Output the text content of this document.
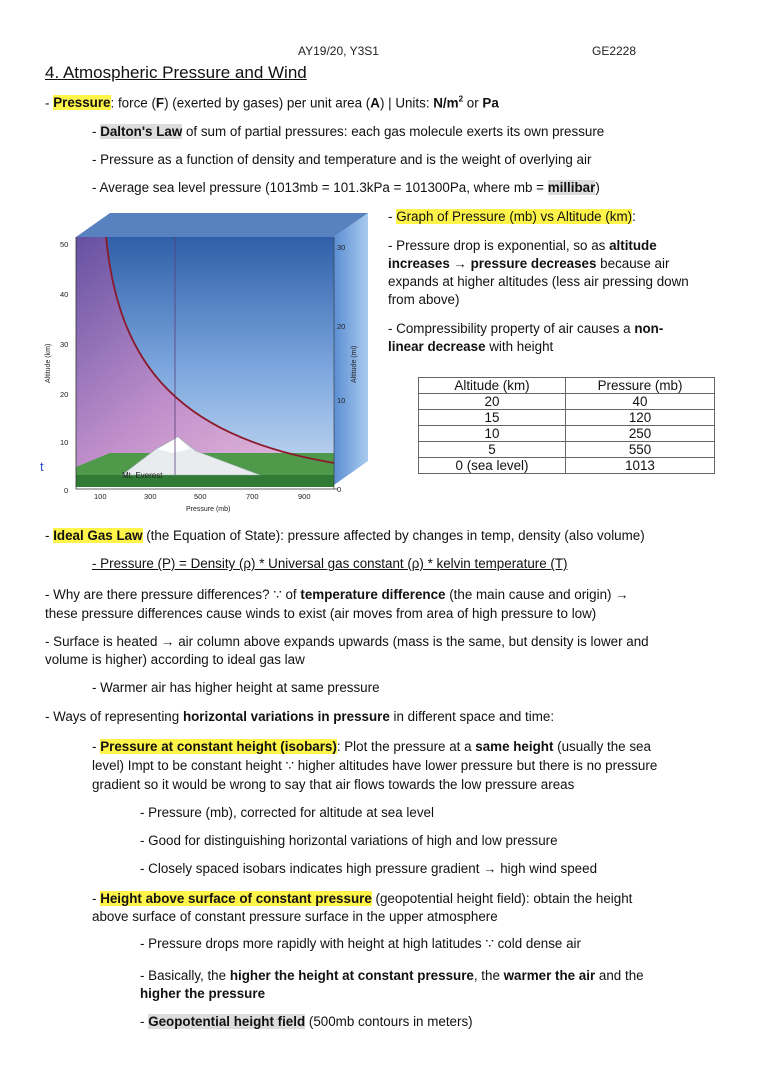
AY19/20, Y3S1	GE2228
4. Atmospheric Pressure and Wind
- Pressure: force (F) (exerted by gases) per unit area (A) | Units: $N/m^2$ or Pa
- Dalton's Law of sum of partial pressures: each gas molecule exerts its own pressure
- Pressure as a function of density and temperature and is the weight of overlying air
- Average sea level pressure (1013mb = 101.3kPa = 101300Pa, where mb = millibar)
Mt. Everest
50
40
30
20
10
0
30
20
10
0
100	300	500	700	900
Pressure (mb)
Altitude (km)	Altitude (mi)
t
- Graph of Pressure (mb) vs Altitude (km):
- Pressure drop is exponential, so as altitude
increases → pressure decreases because air
expands at higher altitudes (less air pressing down
from above)
- Compressibility property of air causes a non-
linear decrease with height
Altitude (km)	Pressure (mb)
20	40
15	120
10	250
5	550
0 (sea level)	1013
- Ideal Gas Law (the Equation of State): pressure affected by changes in temp, density (also volume)
- Pressure (P) = Density (ρ) * Universal gas constant (ρ) * kelvin temperature (T)
- Why are there pressure differences? ∵ of temperature difference (the main cause and origin) →
these pressure differences cause winds to exist (air moves from area of high pressure to low)
- Surface is heated → air column above expands upwards (mass is the same, but density is lower and
volume is higher) according to ideal gas law
- Warmer air has higher height at same pressure
- Ways of representing horizontal variations in pressure in different space and time:
- Pressure at constant height (isobars): Plot the pressure at a same height (usually the sea
level) Impt to be constant height ∵ higher altitudes have lower pressure but there is no pressure
gradient so it would be wrong to say that air flows towards the low pressure areas
- Pressure (mb), corrected for altitude at sea level
- Good for distinguishing horizontal variations of high and low pressure
- Closely spaced isobars indicates high pressure gradient → high wind speed
- Height above surface of constant pressure (geopotential height field): obtain the height
above surface of constant pressure surface in the upper atmosphere
- Pressure drops more rapidly with height at high latitudes ∵ cold dense air
- Basically, the higher the height at constant pressure, the warmer the air and the
higher the pressure
- Geopotential height field (500mb contours in meters)
